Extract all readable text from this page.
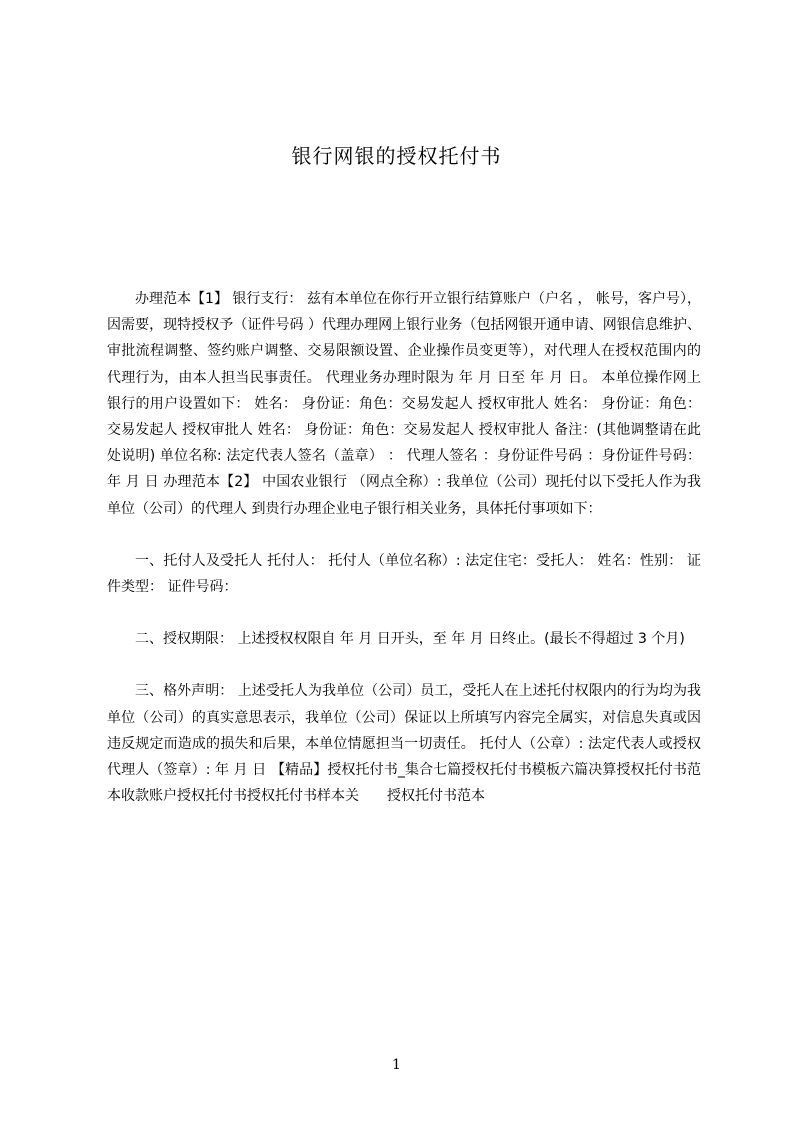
银行网银的授权托付书

办理范本【1】 银行支行： 兹有本单位在你行开立银行结算账户（户名 ， 帐号，客户号），因需要，现特授权予（证件号码 ）代理办理网上银行业务（包括网银开通申请、网银信息维护、审批流程调整、签约账户调整、交易限额设置、企业操作员变更等），对代理人在授权范围内的代理行为，由本人担当民事责任。 代理业务办理时限为 年 月 日至 年 月 日。 本单位操作网上银行的用户设置如下： 姓名： 身份证：角色：交易发起人 授权审批人 姓名： 身份证：角色：交易发起人 授权审批人 姓名： 身份证：角色：交易发起人 授权审批人 备注：(其他调整请在此处说明) 单位名称: 法定代表人签名（盖章） ： 代理人签名 ：身份证件号码 ：身份证件号码： 年 月 日 办理范本【2】 中国农业银行 （网点全称）: 我单位（公司）现托付以下受托人作为我单位（公司）的代理人 到贵行办理企业电子银行相关业务，具体托付事项如下：

一、托付人及受托人 托付人： 托付人（单位名称）: 法定住宅：受托人： 姓名：性别： 证件类型： 证件号码：

二、授权期限： 上述授权权限自 年 月 日开头，至 年 月 日终止。(最长不得超过 3 个月)

三、格外声明： 上述受托人为我单位（公司）员工，受托人在上述托付权限内的行为均为我单位（公司）的真实意思表示，我单位（公司）保证以上所填写内容完全属实，对信息失真或因违反规定而造成的损失和后果，本单位情愿担当一切责任。 托付人（公章）: 法定代表人或授权代理人（签章）: 年 月 日 【精品】授权托付书_集合七篇授权托付书模板六篇决算授权托付书范本收款账户授权托付书授权托付书样本关　　授权托付书范本

1
